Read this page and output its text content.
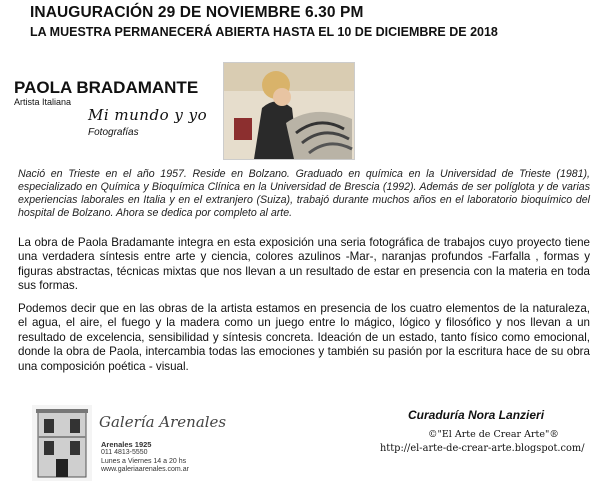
INAUGURACIÓN 29 DE NOVIEMBRE 6.30 PM
LA MUESTRA PERMANECERÁ ABIERTA HASTA EL 10 DE DICIEMBRE DE 2018
PAOLA BRADAMANTE
Artista Italiana
Mi mundo y yo
Fotografías
Nació en Trieste en el año 1957. Reside en Bolzano. Graduado en química en la Universidad de Trieste (1981), especializado en Química y Bioquímica Clínica en la Universidad de Brescia (1992). Además de ser políglota y de varias experiencias laborales en Italia y en el extranjero (Suiza), trabajó durante muchos años en el laboratorio bioquímico del hospital de Bolzano. Ahora se dedica por completo al arte.
La obra de Paola Bradamante integra en esta exposición una seria fotográfica de trabajos cuyo proyecto tiene una verdadera síntesis entre arte y ciencia, colores azulinos -Mar-, naranjas profundos -Farfalla , formas y figuras abstractas, técnicas mixtas que nos llevan a un resultado de estar en presencia con la materia en toda sus formas.
Podemos decir que en las obras de la artista estamos en presencia de los cuatro elementos de la naturaleza, el agua, el aire, el fuego y la madera como un juego entre lo mágico, lógico y filosófico y nos llevan a un resultado de excelencia, sensibilidad y síntesis concreta. Ideación de un estado, tanto físico como emocional, donde la obra de Paola, intercambia todas las emociones y también su pasión por la escritura hace de su obra una composición poética - visual.
Galería Arenales
Arenales 1925
011 4813-5550
Lunes a Viernes 14 a 20 hs
www.galeriaarenales.com.ar
Curaduría Nora Lanzieri
©"El Arte de Crear Arte"®
http://el-arte-de-crear-arte.blogspot.com/
